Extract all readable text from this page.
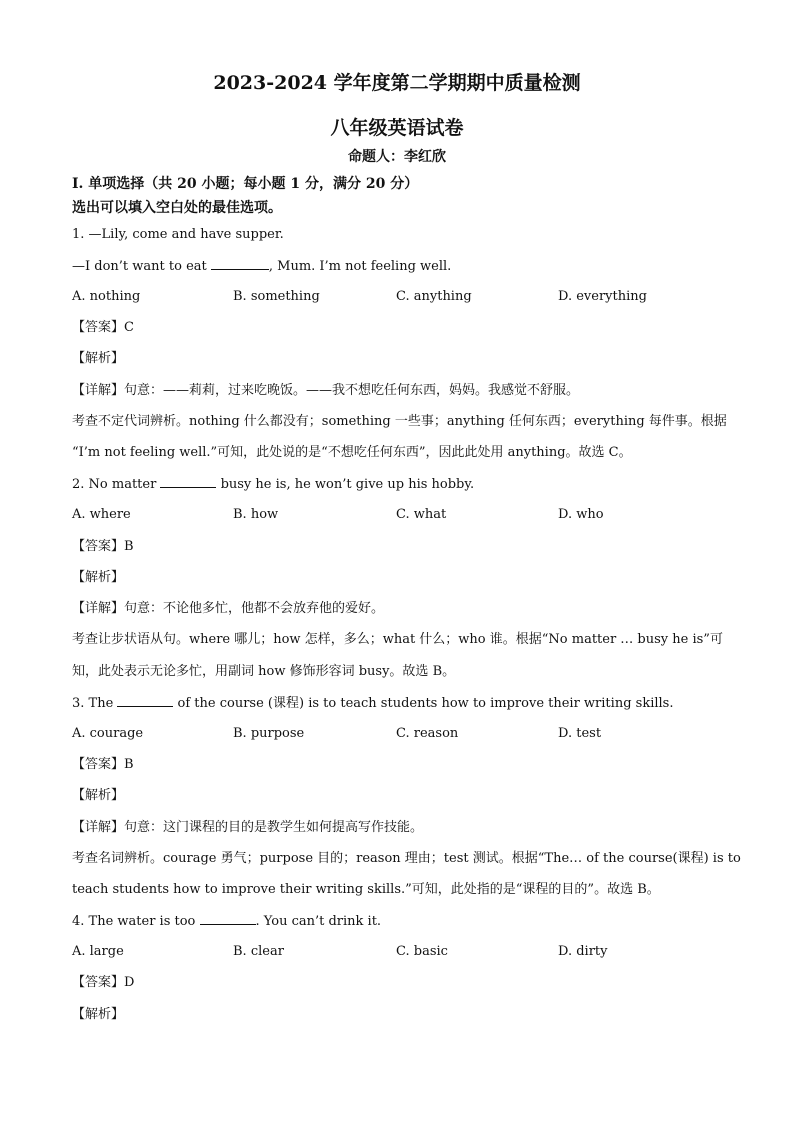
2023-2024 学年度第二学期期中质量检测
八年级英语试卷
命题人：李红欣
Ⅰ. 单项选择（共 20 小题；每小题 1 分，满分 20 分）
选出可以填入空白处的最佳选项。
1. —Lily, come and have supper.
—I don’t want to eat	, Mum. I’m not feeling well.
A. nothing	B. something	C. anything	D. everything
【答案】C
【解析】
【详解】句意：——莉莉，过来吃晚饭。——我不想吃任何东西，妈妈。我感觉不舒服。
考查不定代词辨析。nothing 什么都没有；something 一些事；anything 任何东西；everything 每件事。根据
“I’m not feeling well.”可知，此处说的是“不想吃任何东西”，因此此处用 anything。故选 C。
2. No matter	busy he is, he won’t give up his hobby.
A. where	B. how	C. what	D. who
【答案】B
【解析】
【详解】句意：不论他多忙，他都不会放弃他的爱好。
考查让步状语从句。where 哪儿；how 怎样，多么；what 什么；who 谁。根据“No matter … busy he is”可
知，此处表示无论多忙，用副词 how 修饰形容词 busy。故选 B。
3. The	of the course (课程) is to teach students how to improve their writing skills.
A. courage	B. purpose	C. reason	D. test
【答案】B
【解析】
【详解】句意：这门课程的目的是教学生如何提高写作技能。
考查名词辨析。courage 勇气；purpose 目的；reason 理由；test 测试。根据“The… of the course(课程) is to
teach students how to improve their writing skills.”可知，此处指的是“课程的目的”。故选 B。
4. The water is too	. You can’t drink it.
A. large	B. clear	C. basic	D. dirty
【答案】D
【解析】
